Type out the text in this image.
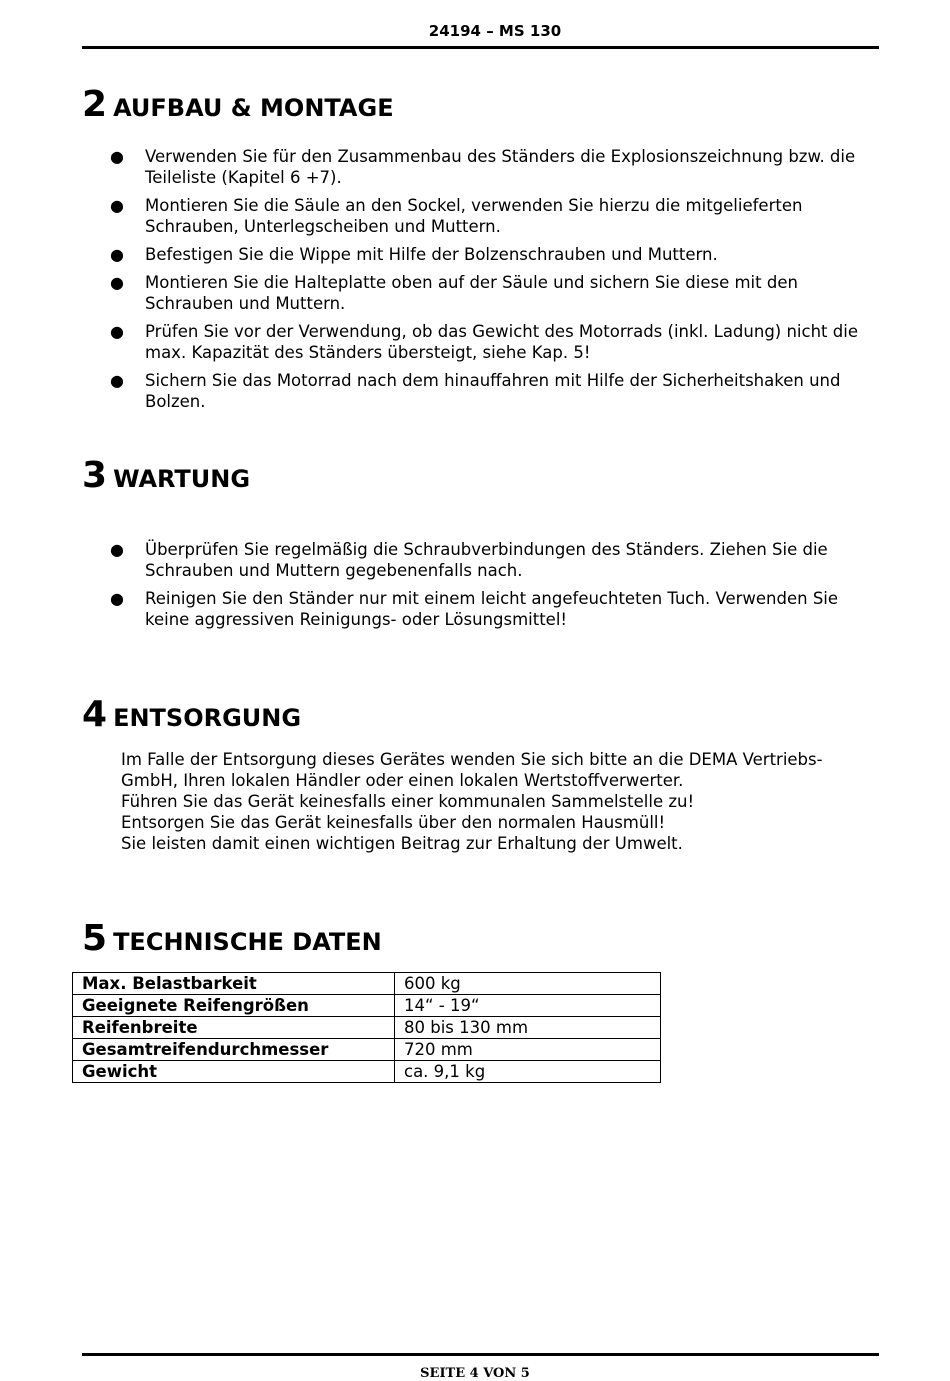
24194 – MS 130
2 AUFBAU & MONTAGE
● Verwenden Sie für den Zusammenbau des Ständers die Explosionszeichnung bzw. die Teileliste (Kapitel 6 +7).
● Montieren Sie die Säule an den Sockel, verwenden Sie hierzu die mitgelieferten Schrauben, Unterlegscheiben und Muttern.
● Befestigen Sie die Wippe mit Hilfe der Bolzenschrauben und Muttern.
● Montieren Sie die Halteplatte oben auf der Säule und sichern Sie diese mit den Schrauben und Muttern.
● Prüfen Sie vor der Verwendung, ob das Gewicht des Motorrads (inkl. Ladung) nicht die max. Kapazität des Ständers übersteigt, siehe Kap. 5!
● Sichern Sie das Motorrad nach dem hinauffahren mit Hilfe der Sicherheitshaken und Bolzen.
3 WARTUNG
● Überprüfen Sie regelmäßig die Schraubverbindungen des Ständers. Ziehen Sie die Schrauben und Muttern gegebenenfalls nach.
● Reinigen Sie den Ständer nur mit einem leicht angefeuchteten Tuch. Verwenden Sie keine aggressiven Reinigungs- oder Lösungsmittel!
4 ENTSORGUNG
Im Falle der Entsorgung dieses Gerätes wenden Sie sich bitte an die DEMA Vertriebs-
GmbH, Ihren lokalen Händler oder einen lokalen Wertstoffverwerter.
Führen Sie das Gerät keinesfalls einer kommunalen Sammelstelle zu!
Entsorgen Sie das Gerät keinesfalls über den normalen Hausmüll!
Sie leisten damit einen wichtigen Beitrag zur Erhaltung der Umwelt.
5 TECHNISCHE DATEN
Max. Belastbarkeit	600 kg
Geeignete Reifengrößen	14“ - 19“
Reifenbreite	80 bis 130 mm
Gesamtreifendurchmesser	720 mm
Gewicht	ca. 9,1 kg
SEITE 4 VON 5
